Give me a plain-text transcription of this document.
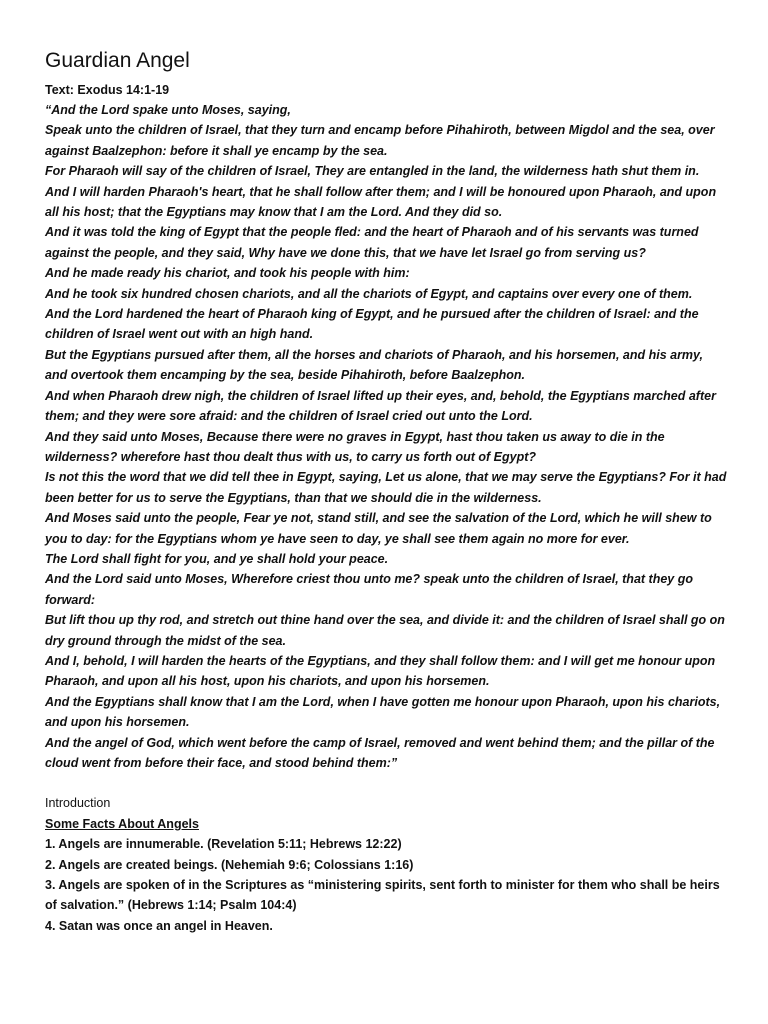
Guardian Angel

Text: Exodus 14:1-19

“And the Lord spake unto Moses, saying,

Speak unto the children of Israel, that they turn and encamp before Pihahiroth, between Migdol and the sea, over against Baalzephon: before it shall ye encamp by the sea.

For Pharaoh will say of the children of Israel, They are entangled in the land, the wilderness hath shut them in.

And I will harden Pharaoh's heart, that he shall follow after them; and I will be honoured upon Pharaoh, and upon all his host; that the Egyptians may know that I am the Lord. And they did so.

And it was told the king of Egypt that the people fled: and the heart of Pharaoh and of his servants was turned against the people, and they said, Why have we done this, that we have let Israel go from serving us?

And he made ready his chariot, and took his people with him:

And he took six hundred chosen chariots, and all the chariots of Egypt, and captains over every one of them.

And the Lord hardened the heart of Pharaoh king of Egypt, and he pursued after the children of Israel: and the children of Israel went out with an high hand.

But the Egyptians pursued after them, all the horses and chariots of Pharaoh, and his horsemen, and his army, and overtook them encamping by the sea, beside Pihahiroth, before Baalzephon.

And when Pharaoh drew nigh, the children of Israel lifted up their eyes, and, behold, the Egyptians marched after them; and they were sore afraid: and the children of Israel cried out unto the Lord.

And they said unto Moses, Because there were no graves in Egypt, hast thou taken us away to die in the wilderness? wherefore hast thou dealt thus with us, to carry us forth out of Egypt?

Is not this the word that we did tell thee in Egypt, saying, Let us alone, that we may serve the Egyptians? For it had been better for us to serve the Egyptians, than that we should die in the wilderness.

And Moses said unto the people, Fear ye not, stand still, and see the salvation of the Lord, which he will shew to you to day: for the Egyptians whom ye have seen to day, ye shall see them again no more for ever.

The Lord shall fight for you, and ye shall hold your peace.

And the Lord said unto Moses, Wherefore criest thou unto me? speak unto the children of Israel, that they go forward:

But lift thou up thy rod, and stretch out thine hand over the sea, and divide it: and the children of Israel shall go on dry ground through the midst of the sea.

And I, behold, I will harden the hearts of the Egyptians, and they shall follow them: and I will get me honour upon Pharaoh, and upon all his host, upon his chariots, and upon his horsemen.

And the Egyptians shall know that I am the Lord, when I have gotten me honour upon Pharaoh, upon his chariots, and upon his horsemen.

And the angel of God, which went before the camp of Israel, removed and went behind them; and the pillar of the cloud went from before their face, and stood behind them:”

Introduction

Some Facts About Angels

1. Angels are innumerable. (Revelation 5:11; Hebrews 12:22)
2. Angels are created beings. (Nehemiah 9:6; Colossians 1:16)
3. Angels are spoken of in the Scriptures as “ministering spirits, sent forth to minister for them who shall be heirs of salvation.” (Hebrews 1:14; Psalm 104:4)
4. Satan was once an angel in Heaven.
